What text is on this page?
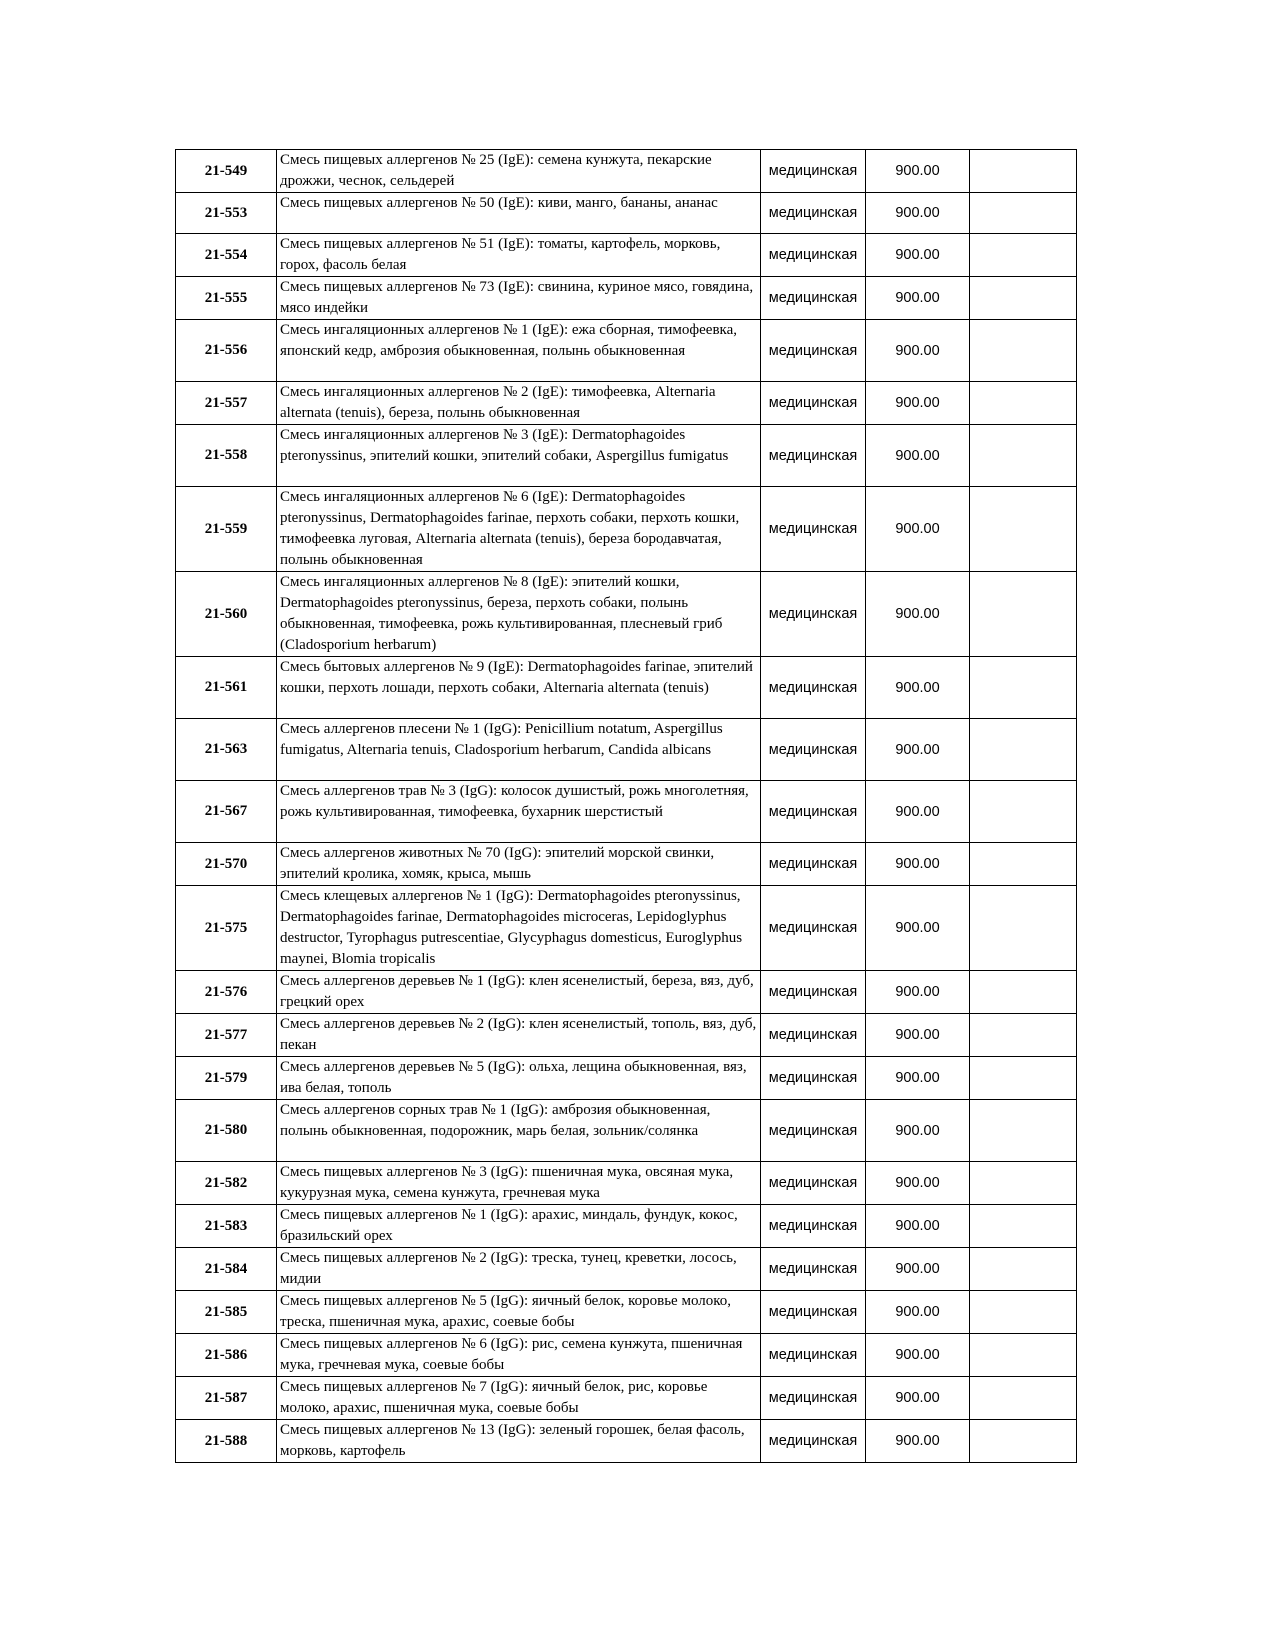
21-549	Смесь пищевых аллергенов № 25 (IgE): семена кунжута, пекарские дрожжи, чеснок, сельдерей	медицинская	900.00	
21-553	Смесь пищевых аллергенов № 50 (IgE): киви, манго, бананы, ананас	медицинская	900.00	
21-554	Смесь пищевых аллергенов № 51 (IgE): томаты, картофель, морковь, горох, фасоль белая	медицинская	900.00	
21-555	Смесь пищевых аллергенов № 73 (IgE): свинина, куриное мясо, говядина, мясо индейки	медицинская	900.00	
21-556	Смесь ингаляционных аллергенов № 1 (IgE): ежа сборная, тимофеевка, японский кедр, амброзия обыкновенная, полынь обыкновенная	медицинская	900.00	
21-557	Смесь ингаляционных аллергенов № 2 (IgE): тимофеевка, Alternaria alternata (tenuis), береза, полынь обыкновенная	медицинская	900.00	
21-558	Смесь ингаляционных аллергенов № 3 (IgE): Dermatophagoides pteronyssinus, эпителий кошки, эпителий собаки, Aspergillus fumigatus	медицинская	900.00	
21-559	Смесь ингаляционных аллергенов № 6 (IgE): Dermatophagoides pteronyssinus, Dermatophagoides farinae, перхоть собаки, перхоть кошки, тимофеевка луговая, Alternaria alternata (tenuis), береза бородавчатая, полынь обыкновенная	медицинская	900.00	
21-560	Смесь ингаляционных аллергенов № 8 (IgE): эпителий кошки, Dermatophagoides pteronyssinus, береза, перхоть собаки, полынь обыкновенная, тимофеевка, рожь культивированная, плесневый гриб (Cladosporium herbarum)	медицинская	900.00	
21-561	Смесь бытовых аллергенов № 9 (IgE): Dermatophagoides farinae, эпителий кошки, перхоть лошади, перхоть собаки, Alternaria alternata (tenuis)	медицинская	900.00	
21-563	Смесь аллергенов плесени № 1 (IgG): Penicillium notatum, Aspergillus fumigatus, Alternaria tenuis, Cladosporium herbarum, Candida albicans	медицинская	900.00	
21-567	Смесь аллергенов трав № 3 (IgG): колосок душистый, рожь многолетняя, рожь культивированная, тимофеевка, бухарник шерстистый	медицинская	900.00	
21-570	Смесь аллергенов животных № 70 (IgG): эпителий морской свинки, эпителий кролика, хомяк, крыса, мышь	медицинская	900.00	
21-575	Смесь клещевых аллергенов № 1 (IgG): Dermatophagoides pteronyssinus, Dermatophagoides farinae, Dermatophagoides microceras, Lepidoglyphus destructor, Tyrophagus putrescentiae, Glycyphagus domesticus, Euroglyphus maynei, Blomia tropicalis	медицинская	900.00	
21-576	Смесь аллергенов деревьев № 1 (IgG): клен ясенелистый, береза, вяз, дуб, грецкий орех	медицинская	900.00	
21-577	Смесь аллергенов деревьев № 2 (IgG): клен ясенелистый, тополь, вяз, дуб, пекан	медицинская	900.00	
21-579	Смесь аллергенов деревьев № 5 (IgG): ольха, лещина обыкновенная, вяз, ива белая, тополь	медицинская	900.00	
21-580	Смесь аллергенов сорных трав № 1 (IgG): амброзия обыкновенная, полынь обыкновенная, подорожник, марь белая, зольник/солянка	медицинская	900.00	
21-582	Смесь пищевых аллергенов № 3 (IgG): пшеничная мука, овсяная мука, кукурузная мука, семена кунжута, гречневая мука	медицинская	900.00	
21-583	Смесь пищевых аллергенов № 1 (IgG): арахис, миндаль, фундук, кокос, бразильский орех	медицинская	900.00	
21-584	Смесь пищевых аллергенов № 2 (IgG): треска, тунец, креветки, лосось, мидии	медицинская	900.00	
21-585	Смесь пищевых аллергенов № 5 (IgG): яичный белок, коровье молоко, треска, пшеничная мука, арахис, соевые бобы	медицинская	900.00	
21-586	Смесь пищевых аллергенов № 6 (IgG): рис, семена кунжута, пшеничная мука, гречневая мука, соевые бобы	медицинская	900.00	
21-587	Смесь пищевых аллергенов № 7 (IgG): яичный белок, рис, коровье молоко, арахис, пшеничная мука, соевые бобы	медицинская	900.00	
21-588	Смесь пищевых аллергенов № 13 (IgG): зеленый горошек, белая фасоль, морковь, картофель	медицинская	900.00	
